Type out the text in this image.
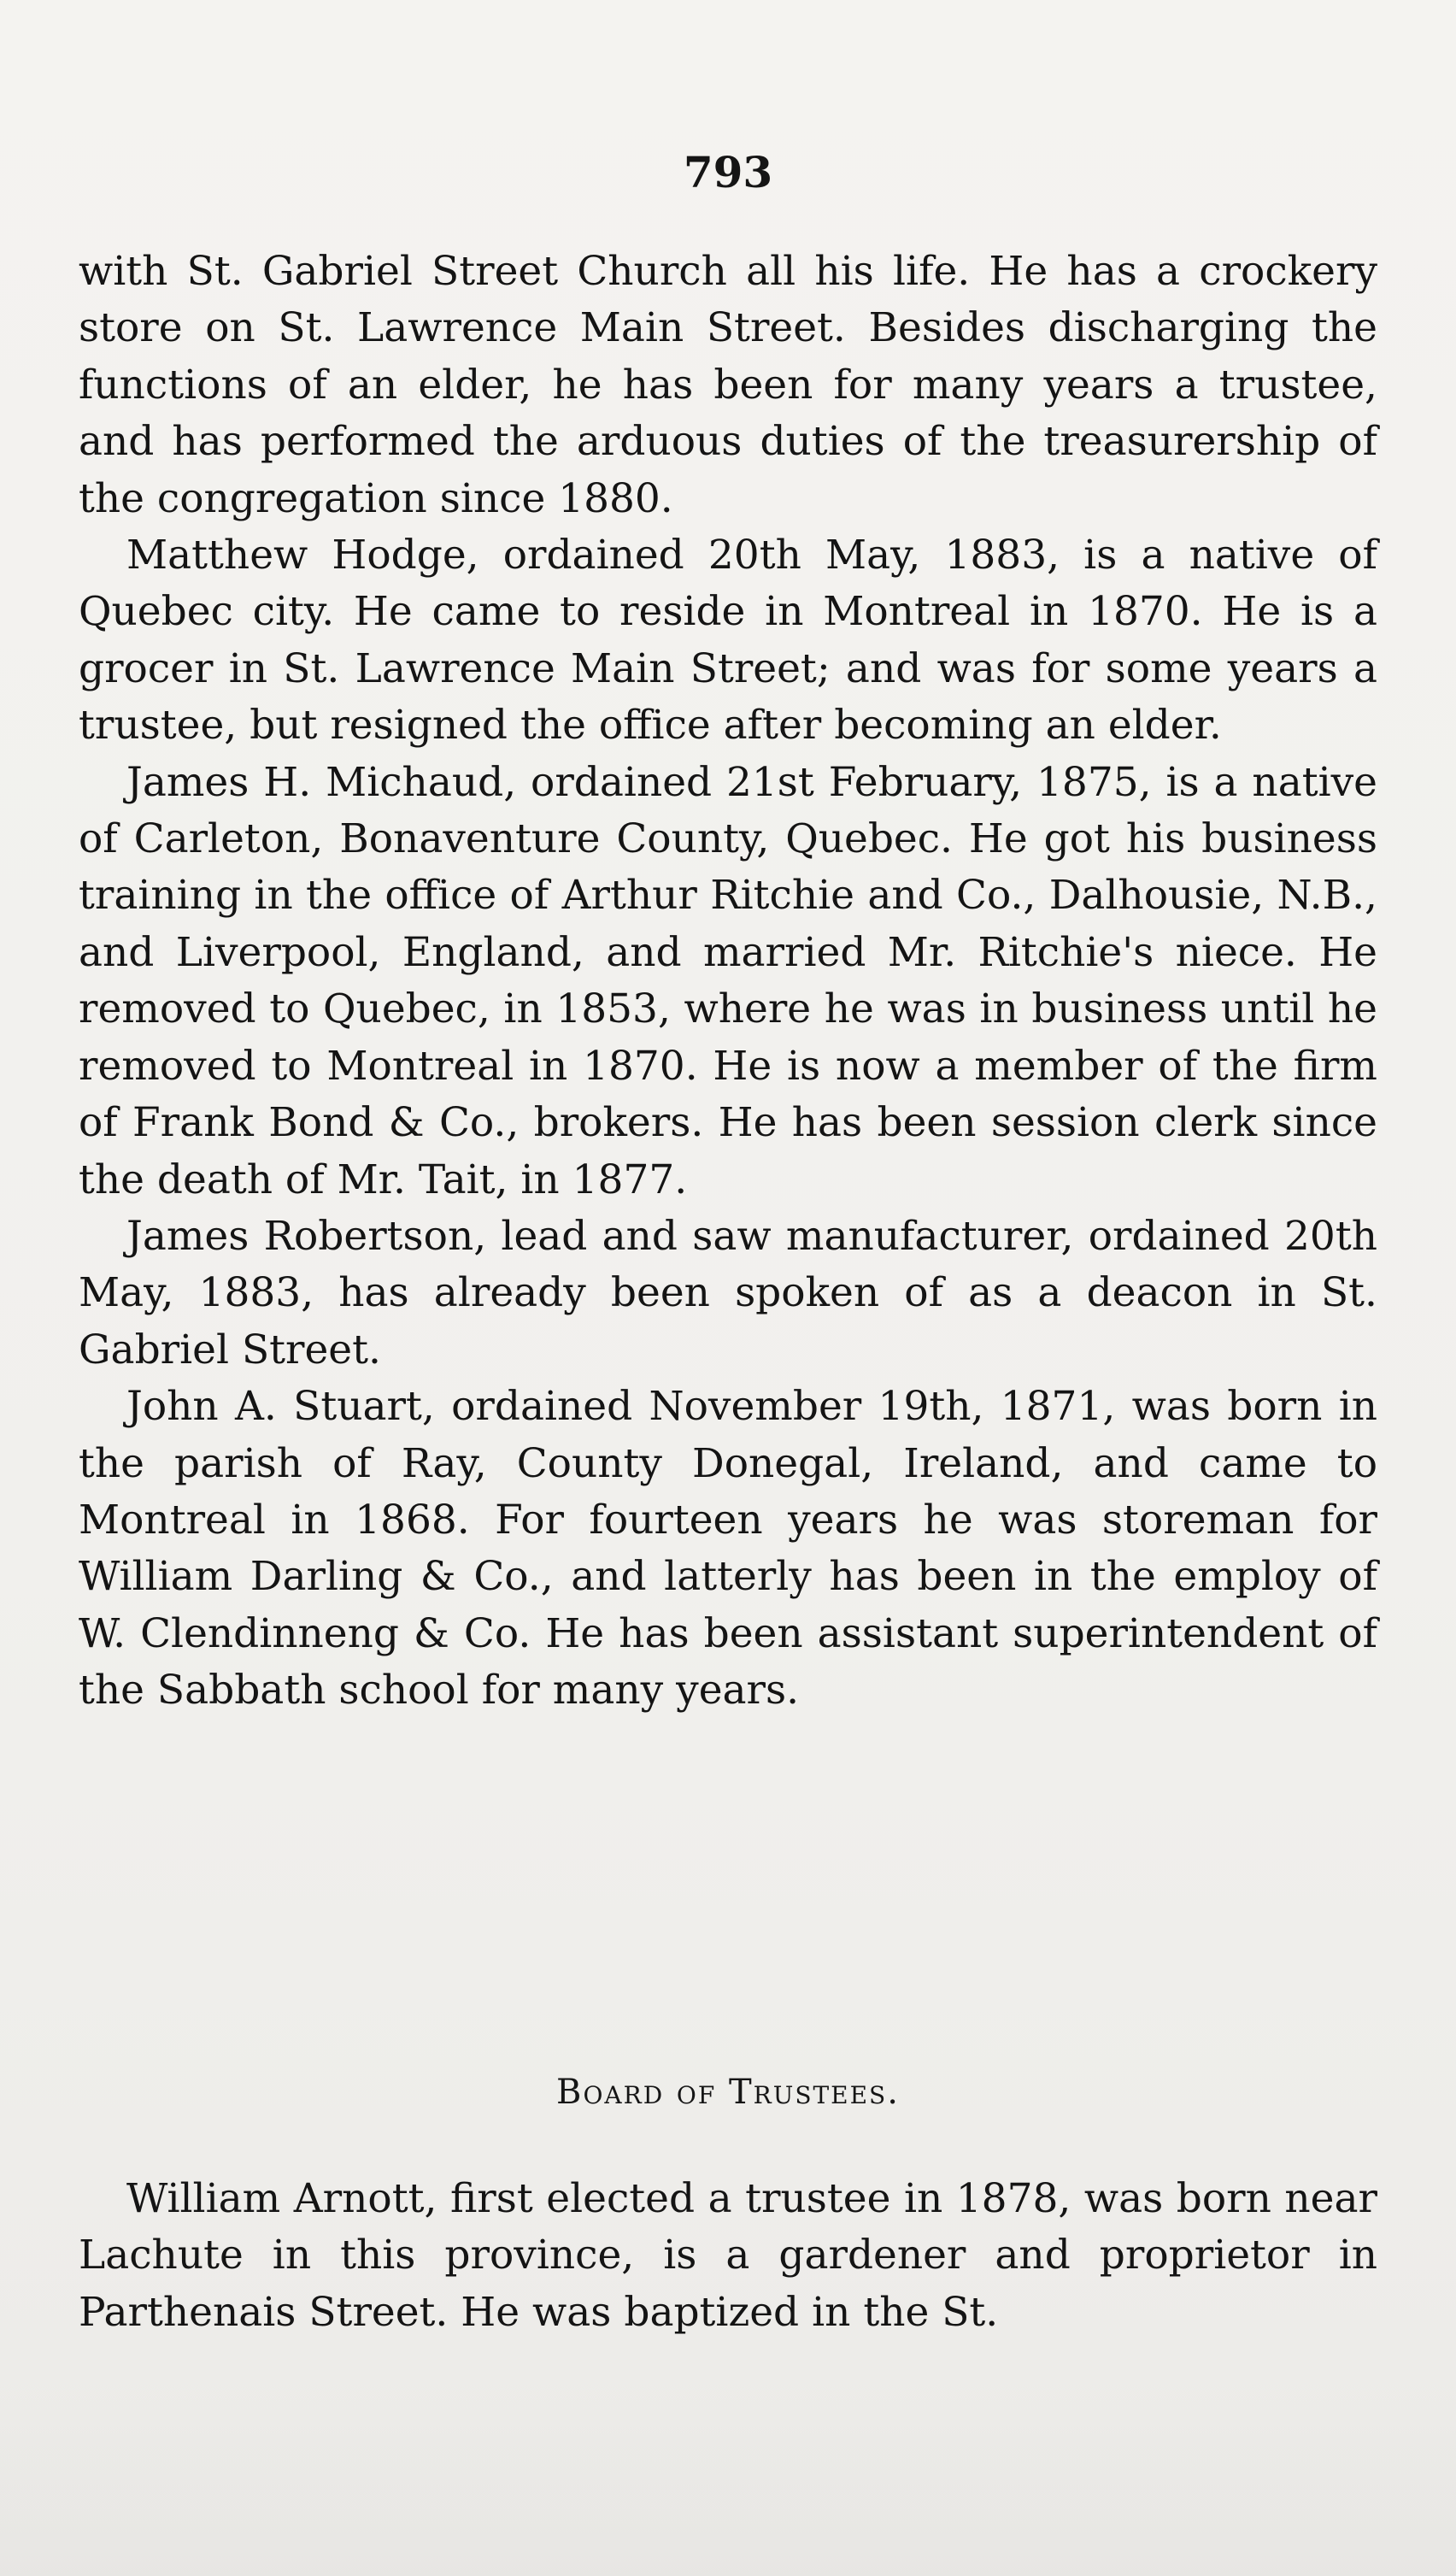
793

with St. Gabriel Street Church all his life. He has a crockery store on St. Lawrence Main Street. Besides discharging the functions of an elder, he has been for many years a trustee, and has performed the arduous duties of the treasurership of the congregation since 1880.

Matthew Hodge, ordained 20th May, 1883, is a native of Quebec city. He came to reside in Montreal in 1870. He is a grocer in St. Lawrence Main Street; and was for some years a trustee, but resigned the office after becoming an elder.

James H. Michaud, ordained 21st February, 1875, is a native of Carleton, Bonaventure County, Quebec. He got his business training in the office of Arthur Ritchie and Co., Dalhousie, N.B., and Liverpool, England, and married Mr. Ritchie's niece. He removed to Quebec, in 1853, where he was in business until he removed to Montreal in 1870. He is now a member of the firm of Frank Bond & Co., brokers. He has been session clerk since the death of Mr. Tait, in 1877.

James Robertson, lead and saw manufacturer, ordained 20th May, 1883, has already been spoken of as a deacon in St. Gabriel Street.

John A. Stuart, ordained November 19th, 1871, was born in the parish of Ray, County Donegal, Ireland, and came to Montreal in 1868. For fourteen years he was storeman for William Darling & Co., and latterly has been in the employ of W. Clendinneng & Co. He has been assistant superintendent of the Sabbath school for many years.

Board of Trustees.

William Arnott, first elected a trustee in 1878, was born near Lachute in this province, is a gardener and proprietor in Parthenais Street. He was baptized in the St.
